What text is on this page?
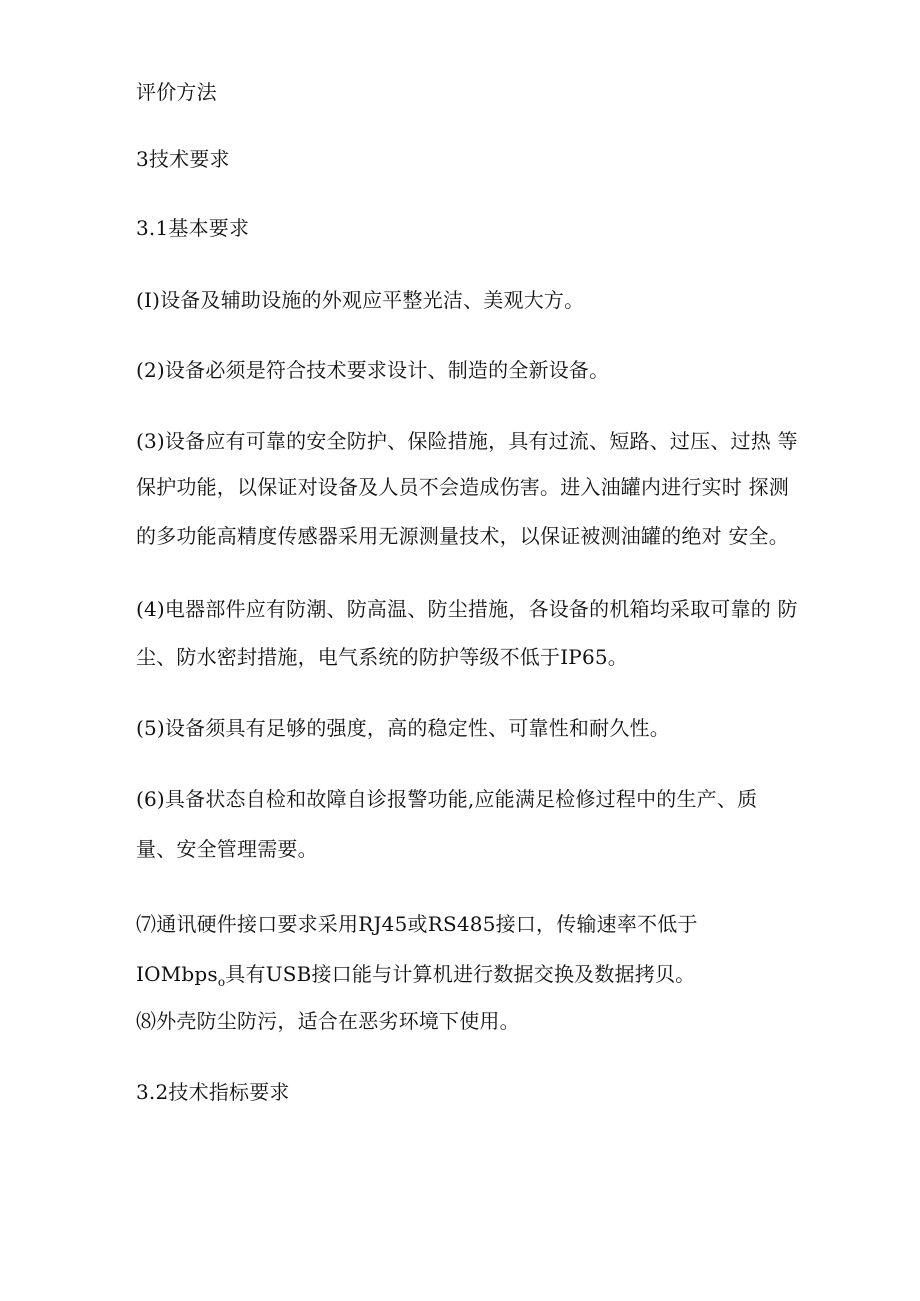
评价方法
3技术要求
3.1基本要求
(I)设备及辅助设施的外观应平整光洁、美观大方。
(2)设备必须是符合技术要求设计、制造的全新设备。
(3)设备应有可靠的安全防护、保险措施，具有过流、短路、过压、过热 等
保护功能，以保证对设备及人员不会造成伤害。进入油罐内进行实时 探测
的多功能高精度传感器采用无源测量技术，以保证被测油罐的绝对 安全。
(4)电器部件应有防潮、防高温、防尘措施，各设备的机箱均采取可靠的 防
尘、防水密封措施，电气系统的防护等级不低于IP65。
(5)设备须具有足够的强度，高的稳定性、可靠性和耐久性。
(6)具备状态自检和故障自诊报警功能,应能满足检修过程中的生产、质
量、安全管理需要。
⑺通讯硬件接口要求采用RJ45或RS485接口，传输速率不低于
IOMbps$_o$具有USB接口能与计算机进行数据交换及数据拷贝。
⑻外壳防尘防污，适合在恶劣环境下使用。
3.2技术指标要求
